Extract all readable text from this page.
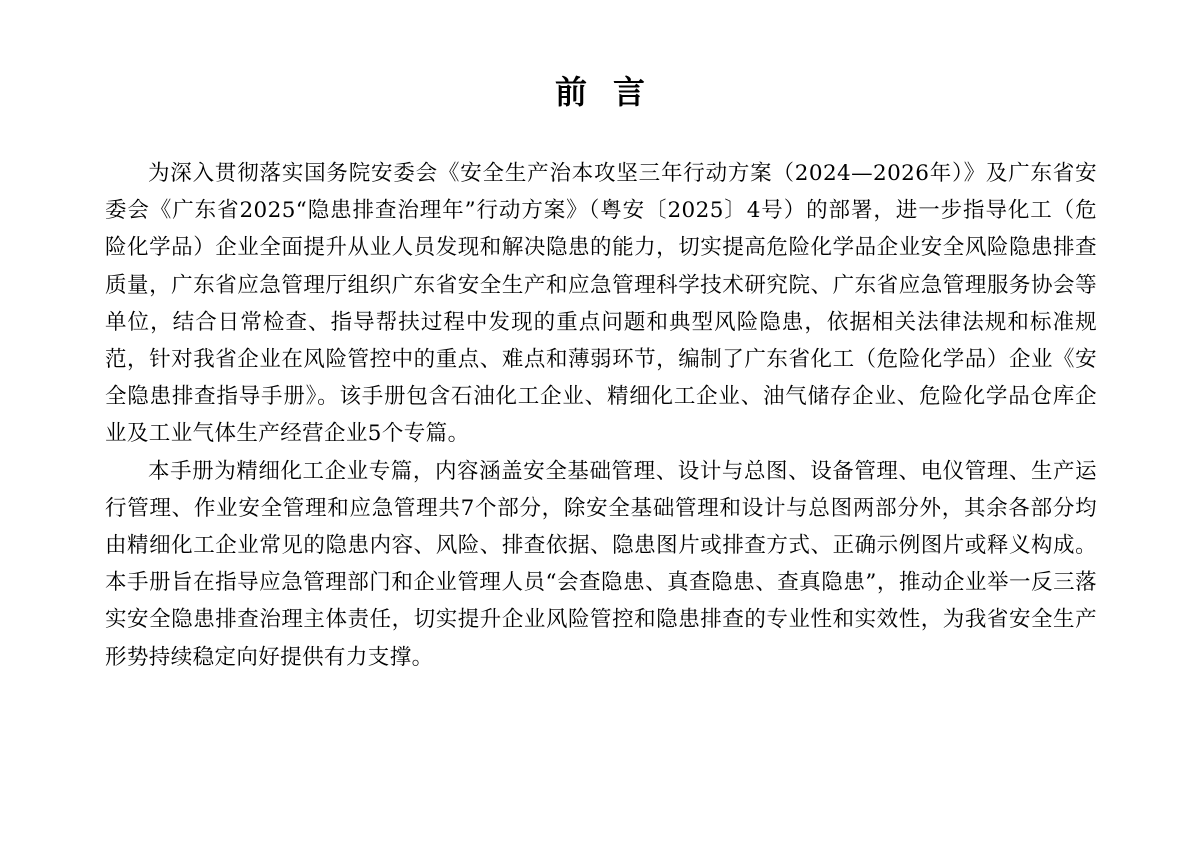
前言

为深入贯彻落实国务院安委会《安全生产治本攻坚三年行动方案（2024—2026年）》及广东省安委会《广东省2025“隐患排查治理年”行动方案》（粤安〔2025〕4号）的部署，进一步指导化工（危险化学品）企业全面提升从业人员发现和解决隐患的能力，切实提高危险化学品企业安全风险隐患排查质量，广东省应急管理厅组织广东省安全生产和应急管理科学技术研究院、广东省应急管理服务协会等单位，结合日常检查、指导帮扶过程中发现的重点问题和典型风险隐患，依据相关法律法规和标准规范，针对我省企业在风险管控中的重点、难点和薄弱环节，编制了广东省化工（危险化学品）企业《安全隐患排查指导手册》。该手册包含石油化工企业、精细化工企业、油气储存企业、危险化学品仓库企业及工业气体生产经营企业5个专篇。

本手册为精细化工企业专篇，内容涵盖安全基础管理、设计与总图、设备管理、电仪管理、生产运行管理、作业安全管理和应急管理共7个部分，除安全基础管理和设计与总图两部分外，其余各部分均由精细化工企业常见的隐患内容、风险、排查依据、隐患图片或排查方式、正确示例图片或释义构成。本手册旨在指导应急管理部门和企业管理人员“会查隐患、真查隐患、查真隐患”，推动企业举一反三落实安全隐患排查治理主体责任，切实提升企业风险管控和隐患排查的专业性和实效性，为我省安全生产形势持续稳定向好提供有力支撑。
